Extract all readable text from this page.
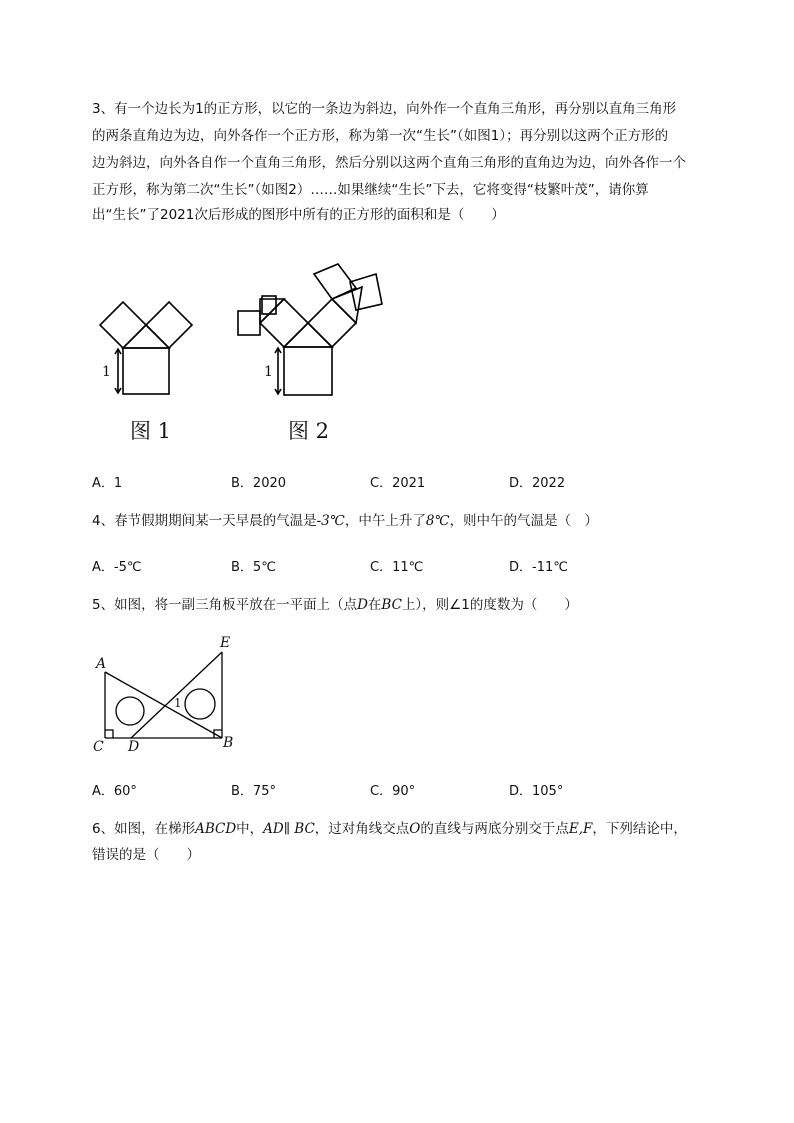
3、有一个边长为1的正方形，以它的一条边为斜边，向外作一个直角三角形，再分别以直角三角形
的两条直角边为边，向外各作一个正方形，称为第一次“生长”（如图1）；再分别以这两个正方形的
边为斜边，向外各自作一个直角三角形，然后分别以这两个直角三角形的直角边为边，向外各作一个
正方形，称为第二次“生长”（如图2）……如果继续“生长”下去，它将变得“枝繁叶茂”，请你算
出“生长”了2021次后形成的图形中所有的正方形的面积和是（　　）
1
图 1
1
图 2
A．1	B．2020	C．2021	D．2022
4、春节假期期间某一天早晨的气温是-3℃，中午上升了8℃，则中午的气温是（　）
A．-5℃	B．5℃	C．11℃	D．-11℃
5、如图，将一副三角板平放在一平面上（点D在BC上），则∠1的度数为（　　）
A
E
C D	B
1
A．60°	B．75°	C．90°	D．105°
6、如图，在梯形ABCD中，AD∥ BC，过对角线交点O的直线与两底分别交于点E,F，下列结论中，
错误的是（　　）
